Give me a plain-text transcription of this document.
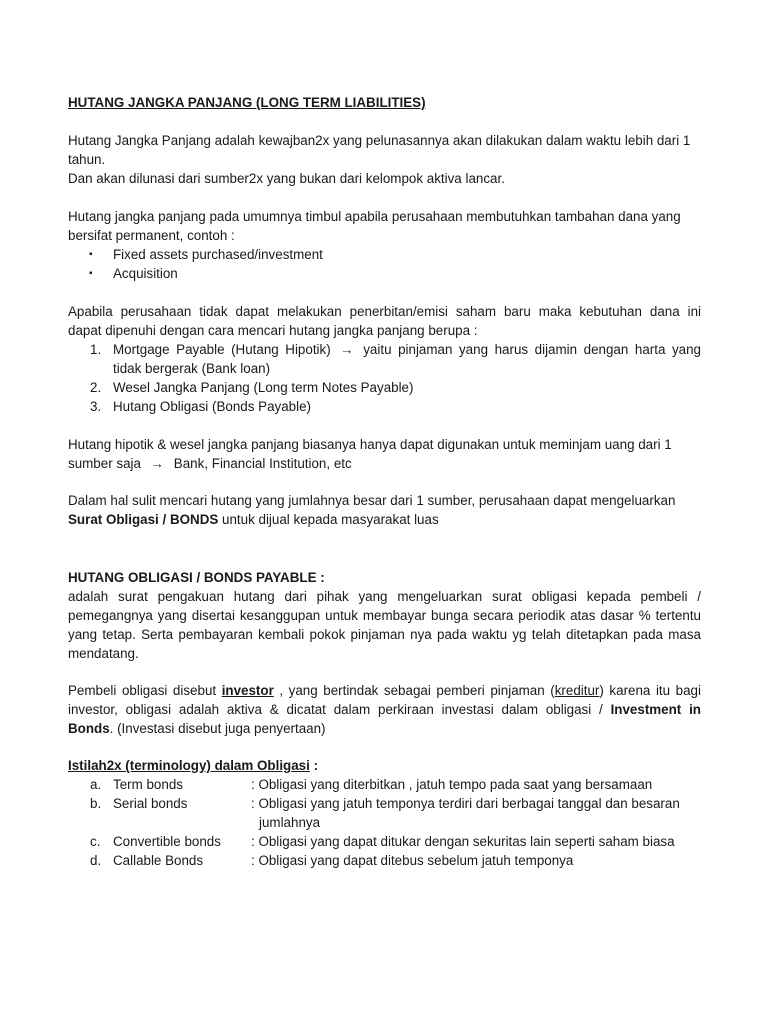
HUTANG JANGKA PANJANG (LONG TERM LIABILITIES)
Hutang Jangka Panjang adalah kewajban2x yang pelunasannya akan dilakukan dalam waktu lebih dari 1
tahun.
Dan akan dilunasi dari sumber2x yang bukan dari kelompok aktiva lancar.
Hutang jangka panjang pada umumnya timbul apabila perusahaan membutuhkan tambahan dana yang
bersifat permanent, contoh :
▪ Fixed assets purchased/investment
▪ Acquisition
Apabila perusahaan tidak dapat melakukan penerbitan/emisi saham baru maka kebutuhan dana ini
dapat dipenuhi dengan cara mencari hutang jangka panjang berupa :
1. Mortgage Payable (Hutang Hipotik) → yaitu pinjaman yang harus dijamin dengan harta yang
tidak bergerak (Bank loan)
2. Wesel Jangka Panjang (Long term Notes Payable)
3. Hutang Obligasi (Bonds Payable)
Hutang hipotik & wesel jangka panjang biasanya hanya dapat digunakan untuk meminjam uang dari 1
sumber saja → Bank, Financial Institution, etc
Dalam hal sulit mencari hutang yang jumlahnya besar dari 1 sumber, perusahaan dapat mengeluarkan
Surat Obligasi / BONDS untuk dijual kepada masyarakat luas
HUTANG OBLIGASI / BONDS PAYABLE :
adalah surat pengakuan hutang dari pihak yang mengeluarkan surat obligasi kepada pembeli /
pemegangnya yang disertai kesanggupan untuk membayar bunga secara periodik atas dasar % tertentu
yang tetap. Serta pembayaran kembali pokok pinjaman nya pada waktu yg telah ditetapkan pada masa
mendatang.
Pembeli obligasi disebut investor , yang bertindak sebagai pemberi pinjaman (kreditur) karena itu bagi
investor, obligasi adalah aktiva & dicatat dalam perkiraan investasi dalam obligasi / Investment in
Bonds. (Investasi disebut juga penyertaan)
Istilah2x (terminology) dalam Obligasi :
a. Term bonds	: Obligasi yang diterbitkan , jatuh tempo pada saat yang bersamaan
b. Serial bonds	: Obligasi yang jatuh temponya terdiri dari berbagai tanggal dan besaran
jumlahnya
c. Convertible bonds : Obligasi yang dapat ditukar dengan sekuritas lain seperti saham biasa
d. Callable Bonds	: Obligasi yang dapat ditebus sebelum jatuh temponya
